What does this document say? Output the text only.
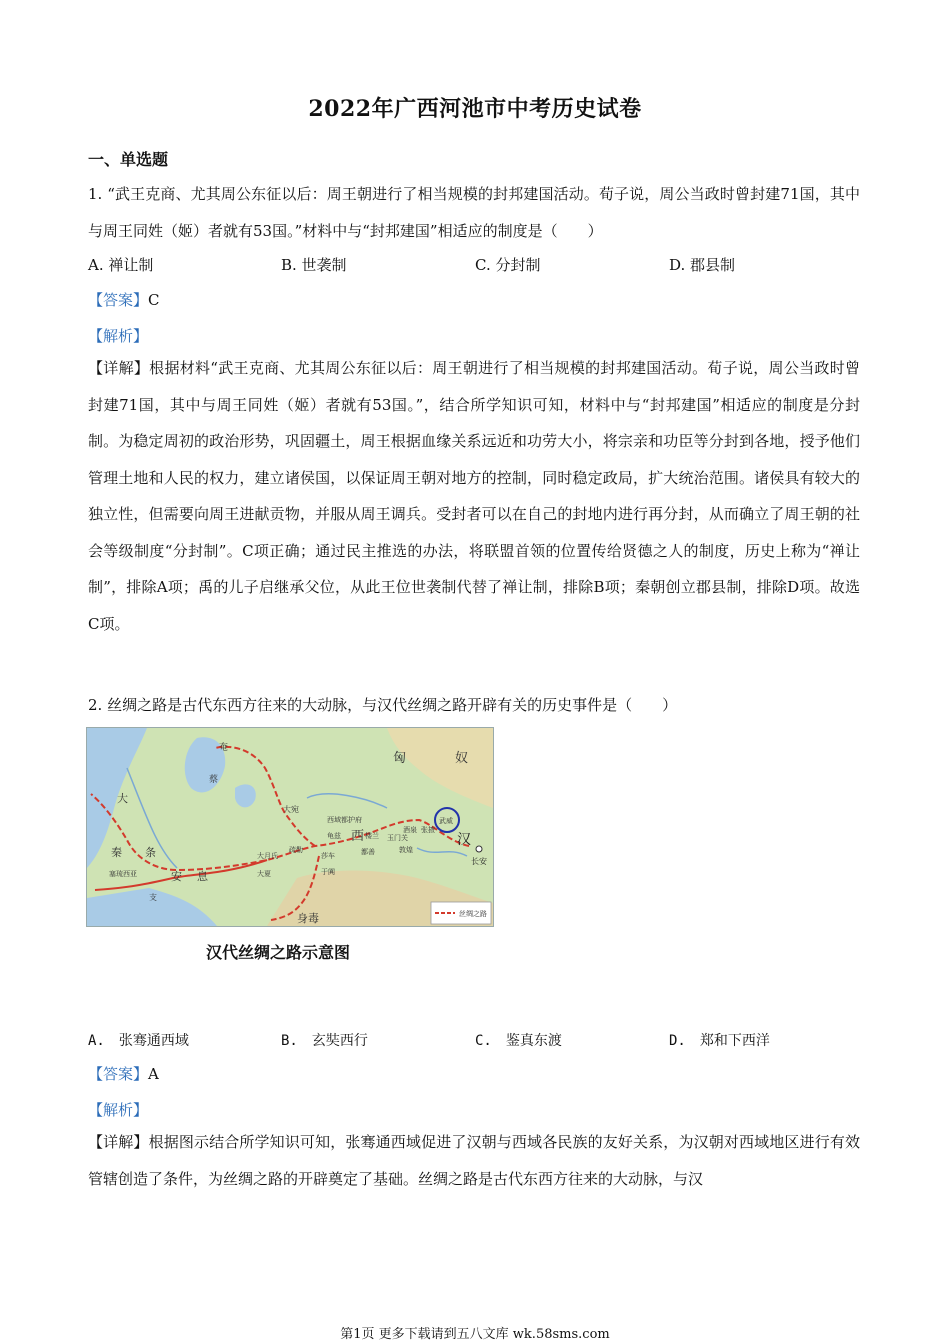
2022年广西河池市中考历史试卷
一、单选题
1. “武王克商、尤其周公东征以后：周王朝进行了相当规模的封邦建国活动。荀子说，周公当政时曾封建71国，其中与周王同姓（姬）者就有53国。”材料中与“封邦建国”相适应的制度是（　　）
A. 禅让制	B. 世袭制	C. 分封制	D. 郡县制
【答案】C
【解析】
【详解】根据材料“武王克商、尤其周公东征以后：周王朝进行了相当规模的封邦建国活动。荀子说，周公当政时曾封建71国，其中与周王同姓（姬）者就有53国。”，结合所学知识可知，材料中与“封邦建国”相适应的制度是分封制。为稳定周初的政治形势，巩固疆土，周王根据血缘关系远近和功劳大小，将宗亲和功臣等分封到各地，授予他们管理土地和人民的权力，建立诸侯国，以保证周王朝对地方的控制，同时稳定政局，扩大统治范围。诸侯具有较大的独立性，但需要向周王进献贡物，并服从周王调兵。受封者可以在自己的封地内进行再分封，从而确立了周王朝的社会等级制度“分封制”。C项正确；通过民主推选的办法，将联盟首领的位置传给贤德之人的制度，历史上称为“禅让制”，排除A项；禹的儿子启继承父位，从此王位世袭制代替了禅让制，排除B项；秦朝创立郡县制，排除D项。故选C项。
2. 丝绸之路是古代东西方往来的大动脉，与汉代丝绸之路开辟有关的历史事件是（　　）
匈	奴
汉
长安
西
大
秦 条
支
安 息
奄
蔡
大宛
西域都护府
疏勒
大月氏
大夏
莎车
于阗
龟兹	楼兰 玉门关
酒泉 张掖
武威
敦煌
鄯善
塞琉西亚
身毒	丝绸之路
汉代丝绸之路示意图
A.　张骞通西域	B.　玄奘西行	C.　鉴真东渡	D.　郑和下西洋
【答案】A
【解析】
【详解】根据图示结合所学知识可知，张骞通西域促进了汉朝与西域各民族的友好关系，为汉朝对西域地区进行有效管辖创造了条件，为丝绸之路的开辟奠定了基础。丝绸之路是古代东西方往来的大动脉，与汉
第1页 更多下载请到五八文库 wk.58sms.com
